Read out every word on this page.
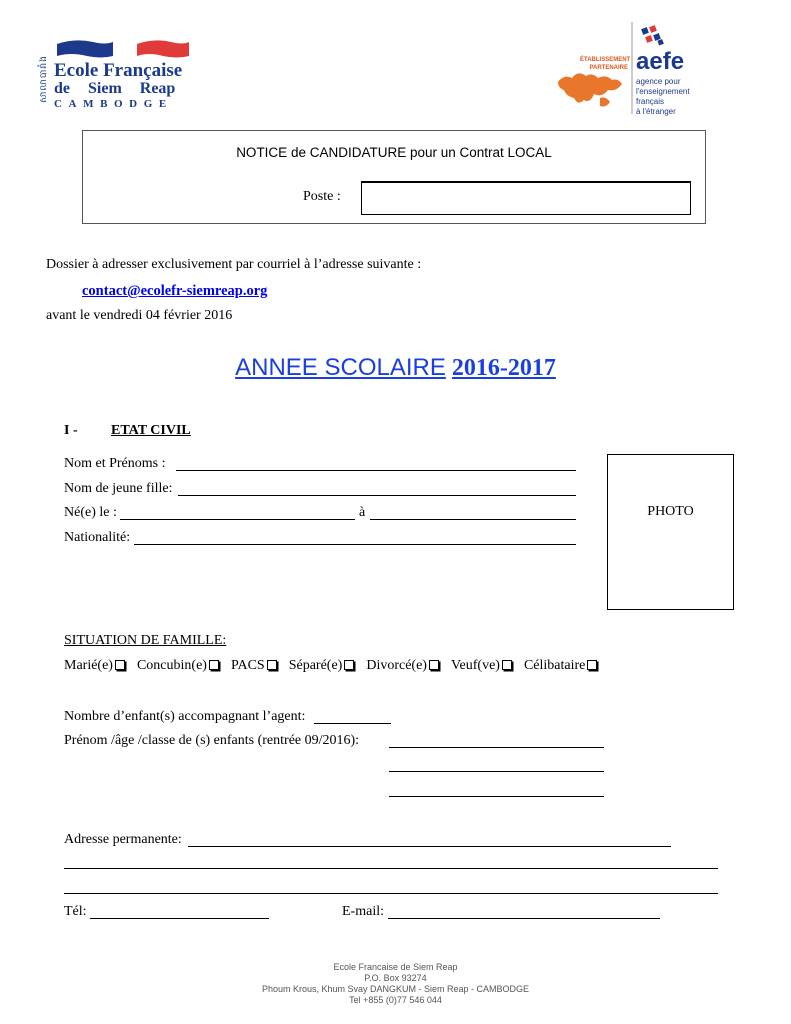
សាលាបារាំង Ecole Française
de Siem Reap
CAMBODGE
ÉTABLISSEMENT
PARTENAIRE aefe
agence pour
l'enseignement
français
à l'étranger
NOTICE de CANDIDATURE pour un Contrat LOCAL
Poste :
Dossier à adresser exclusivement par courriel à l’adresse suivante :
contact@ecolefr-siemreap.org
avant le vendredi 04 février 2016
ANNEE SCOLAIRE 2016-2017
I - ETAT CIVIL
Nom et Prénoms :
Nom de jeune fille:
Né(e) le :	à
Nationalité:
PHOTO
SITUATION DE FAMILLE:
Marié(e) Concubin(e) PACS Séparé(e) Divorcé(e) Veuf(ve) Célibataire
Nombre d’enfant(s) accompagnant l’agent:
Prénom /âge /classe de (s) enfants (rentrée 09/2016):
Adresse permanente:
Tél:	E-mail:
Ecole Francaise de Siem Reap
P.O. Box 93274
Phoum Krous, Khum Svay DANGKUM - Siem Reap - CAMBODGE
Tel +855 (0)77 546 044
